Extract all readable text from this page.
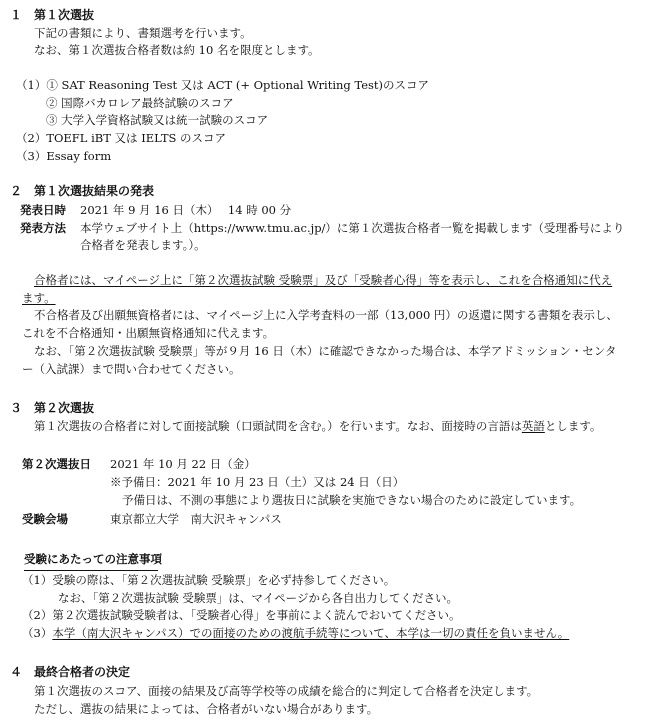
１　第１次選抜
下記の書類により、書類選考を行います。
なお、第１次選抜合格者数は約 10 名を限度とします。
（1）① SAT Reasoning Test 又は ACT (+ Optional Writing Test)のスコア
② 国際バカロレア最終試験のスコア
③ 大学入学資格試験又は統一試験のスコア
（2）TOEFL iBT 又は IELTS のスコア
（3）Essay form
２　第１次選抜結果の発表
発表日時 2021 年 9 月 16 日（木）　 14 時 00 分
発表方法 本学ウェブサイト上（https://www.tmu.ac.jp/）に第１次選抜合格者一覧を掲載します（受理番号により
合格者を発表します。）。
合格者には、マイページ上に「第２次選抜試験 受験票」及び「受験者心得」等を表示し、これを合格通知に代え
ます。
不合格者及び出願無資格者には、マイページ上に入学考査料の一部（13,000 円）の返還に関する書類を表示し、
これを不合格通知・出願無資格通知に代えます。
なお、「第２次選抜試験 受験票」等が９月 16 日（木）に確認できなかった場合は、本学アドミッション・センタ
ー（入試課）まで問い合わせてください。
３　第２次選抜
第１次選抜の合格者に対して面接試験（口頭試問を含む。）を行います。なお、面接時の言語は英語とします。
第２次選抜日 2021 年 10 月 22 日（金）
※予備日：2021 年 10 月 23 日（土）又は 24 日（日）
予備日は、不測の事態により選抜日に試験を実施できない場合のために設定しています。
受験会場	東京都立大学　南大沢キャンパス
受験にあたっての注意事項
（1）受験の際は、「第２次選抜試験 受験票」を必ず持参してください。
なお、「第２次選抜試験 受験票」は、マイページから各自出力してください。
（2）第２次選抜試験受験者は、「受験者心得」を事前によく読んでおいてください。
（3）本学（南大沢キャンパス）での面接のための渡航手続等について、本学は一切の責任を負いません。
４　最終合格者の決定
第１次選抜のスコア、面接の結果及び高等学校等の成績を総合的に判定して合格者を決定します。
ただし、選抜の結果によっては、合格者がいない場合があります。
